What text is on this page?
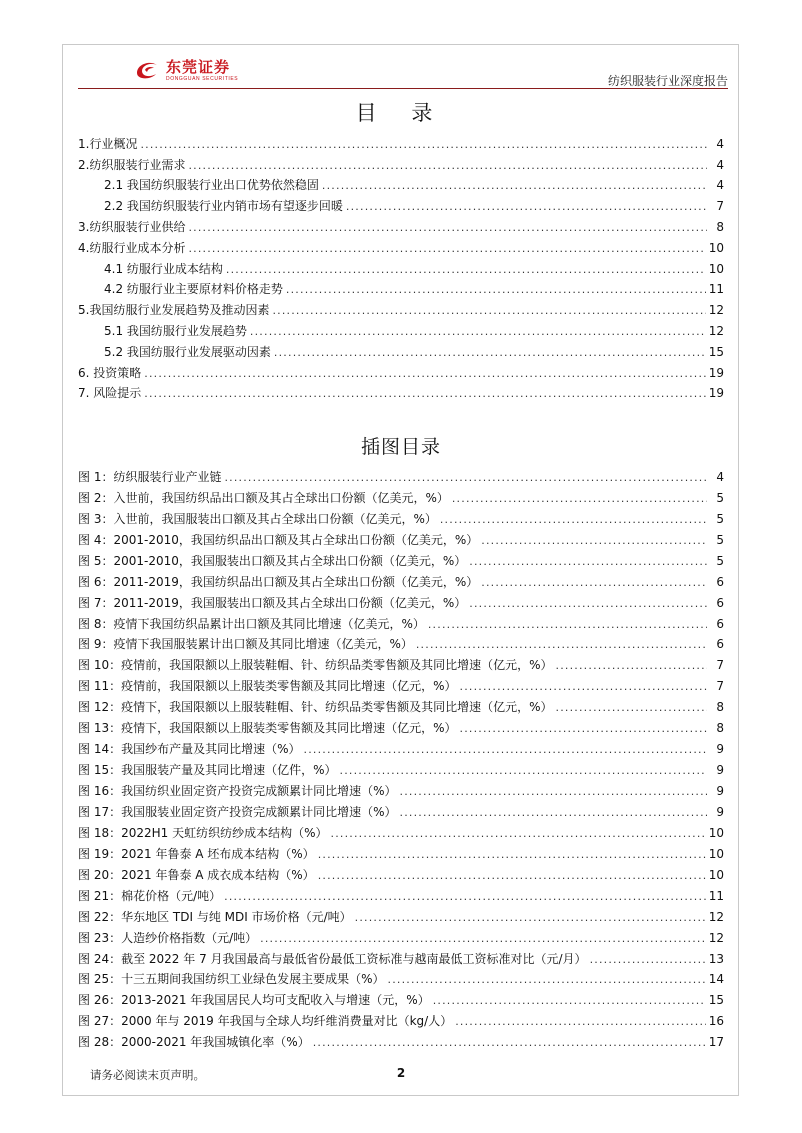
东莞证券
DONGGUAN SECURITIES	纺织服装行业深度报告
目 录
1.行业概况 .....	4
2.纺织服装行业需求 .....	4
2.1 我国纺织服装行业出口优势依然稳固 .....	4
2.2 我国纺织服装行业内销市场有望逐步回暖 .....	7
3.纺织服装行业供给 .....	8
4.纺服行业成本分析 .....	10
4.1 纺服行业成本结构 .....	10
4.2 纺服行业主要原材料价格走势 .....	11
5.我国纺服行业发展趋势及推动因素 .....	12
5.1 我国纺服行业发展趋势 .....	12
5.2 我国纺服行业发展驱动因素 .....	15
6. 投资策略 .....	19
7. 风险提示 .....	19
插图目录
图 1：纺织服装行业产业链 .....	4
图 2：入世前，我国纺织品出口额及其占全球出口份额（亿美元，%） .....	5
图 3：入世前，我国服装出口额及其占全球出口份额（亿美元，%） .....	5
图 4：2001-2010，我国纺织品出口额及其占全球出口份额（亿美元，%） .....	5
图 5：2001-2010，我国服装出口额及其占全球出口份额（亿美元，%） .....	5
图 6：2011-2019，我国纺织品出口额及其占全球出口份额（亿美元，%） .....	6
图 7：2011-2019，我国服装出口额及其占全球出口份额（亿美元，%） .....	6
图 8：疫情下我国纺织品累计出口额及其同比增速（亿美元，%） .....	6
图 9：疫情下我国服装累计出口额及其同比增速（亿美元，%） .....	6
图 10：疫情前，我国限额以上服装鞋帽、针、纺织品类零售额及其同比增速（亿元，%） .....	7
图 11：疫情前，我国限额以上服装类零售额及其同比增速（亿元，%） .....	7
图 12：疫情下，我国限额以上服装鞋帽、针、纺织品类零售额及其同比增速（亿元，%） .....	8
图 13：疫情下，我国限额以上服装类零售额及其同比增速（亿元，%） .....	8
图 14：我国纱布产量及其同比增速（%） .....	9
图 15：我国服装产量及其同比增速（亿件，%） .....	9
图 16：我国纺织业固定资产投资完成额累计同比增速（%） .....	9
图 17：我国服装业固定资产投资完成额累计同比增速（%） .....	9
图 18：2022H1 天虹纺织纺纱成本结构（%） .....	10
图 19：2021 年鲁泰 A 坯布成本结构（%） .....	10
图 20：2021 年鲁泰 A 成衣成本结构（%） .....	10
图 21：棉花价格（元/吨） .....	11
图 22：华东地区 TDI 与纯 MDI 市场价格（元/吨） .....	12
图 23：人造纱价格指数（元/吨） .....	12
图 24：截至 2022 年 7 月我国最高与最低省份最低工资标准与越南最低工资标准对比（元/月） .....	13
图 25：十三五期间我国纺织工业绿色发展主要成果（%） .....	14
图 26：2013-2021 年我国居民人均可支配收入与增速（元，%） .....	15
图 27：2000 年与 2019 年我国与全球人均纤维消费量对比（kg/人） .....	16
图 28：2000-2021 年我国城镇化率（%） .....	17
请务必阅读末页声明。	2
